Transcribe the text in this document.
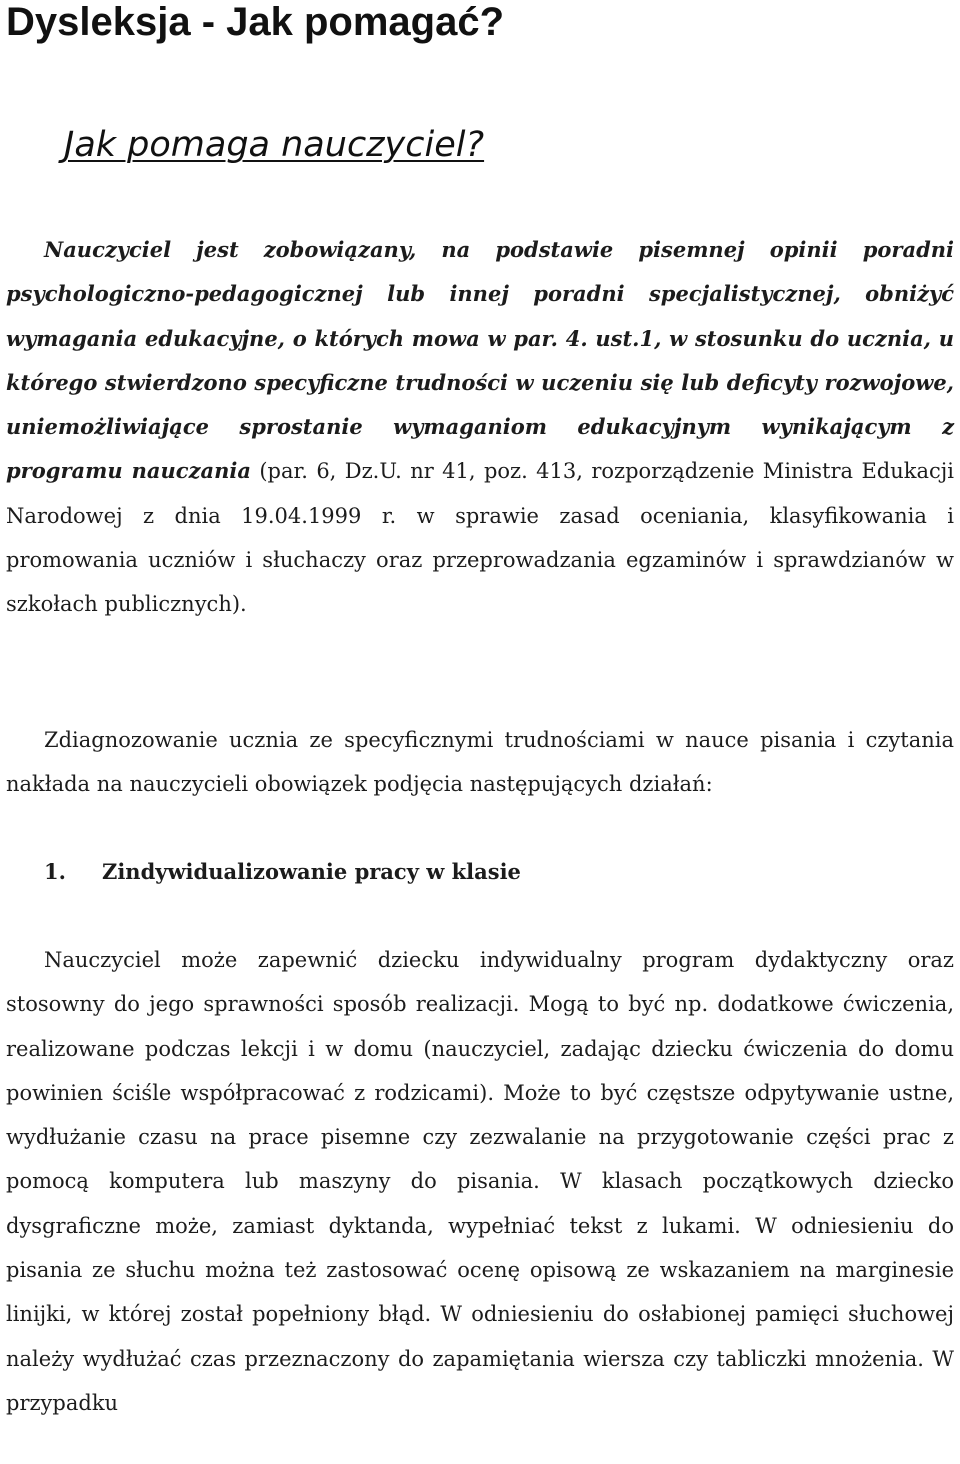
Dysleksja - Jak pomagać?
Jak pomaga nauczyciel?

Nauczyciel jest zobowiązany, na podstawie pisemnej opinii poradni psychologiczno-pedagogicznej lub innej poradni specjalistycznej, obniżyć wymagania edukacyjne, o których mowa w par. 4. ust.1, w stosunku do ucznia, u którego stwierdzono specyficzne trudności w uczeniu się lub deficyty rozwojowe, uniemożliwiające sprostanie wymaganiom edukacyjnym wynikającym z programu nauczania (par. 6, Dz.U. nr 41, poz. 413, rozporządzenie Ministra Edukacji Narodowej z dnia 19.04.1999 r. w sprawie zasad oceniania, klasyfikowania i promowania uczniów i słuchaczy oraz przeprowadzania egzaminów i sprawdzianów w szkołach publicznych).

Zdiagnozowanie ucznia ze specyficznymi trudnościami w nauce pisania i czytania nakłada na nauczycieli obowiązek podjęcia następujących działań:

1. Zindywidualizowanie pracy w klasie

Nauczyciel może zapewnić dziecku indywidualny program dydaktyczny oraz stosowny do jego sprawności sposób realizacji. Mogą to być np. dodatkowe ćwiczenia, realizowane podczas lekcji i w domu (nauczyciel, zadając dziecku ćwiczenia do domu powinien ściśle współpracować z rodzicami). Może to być częstsze odpytywanie ustne, wydłużanie czasu na prace pisemne czy zezwalanie na przygotowanie części prac z pomocą komputera lub maszyny do pisania. W klasach początkowych dziecko dysgraficzne może, zamiast dyktanda, wypełniać tekst z lukami. W odniesieniu do pisania ze słuchu można też zastosować ocenę opisową ze wskazaniem na marginesie linijki, w której został popełniony błąd. W odniesieniu do osłabionej pamięci słuchowej należy wydłużać czas przeznaczony do zapamiętania wiersza czy tabliczki mnożenia. W przypadku
